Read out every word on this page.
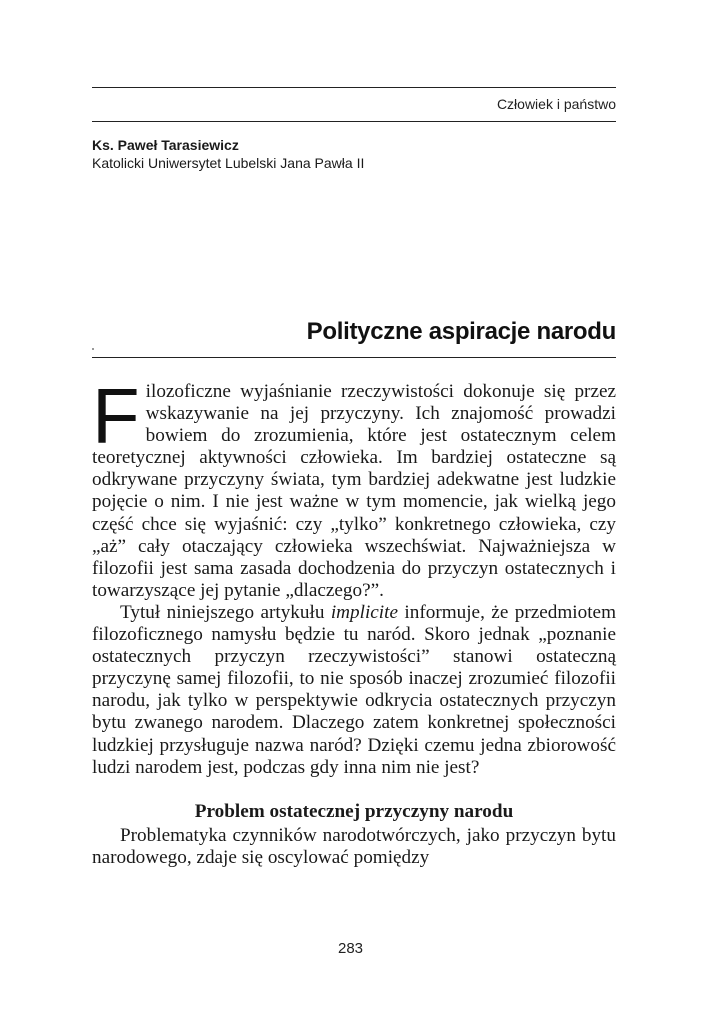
Człowiek i państwo
Ks. Paweł Tarasiewicz
Katolicki Uniwersytet Lubelski Jana Pawła II
Polityczne aspiracje narodu

Filozoficzne wyjaśnianie rzeczywistości dokonuje się przez wskazywanie na jej przyczyny. Ich znajomość prowadzi bowiem do zrozumienia, które jest ostatecznym celem teoretycznej aktywności człowieka. Im bardziej ostateczne są odkrywane przyczyny świata, tym bardziej adekwatne jest ludzkie pojęcie o nim. I nie jest ważne w tym momencie, jak wielką jego część chce się wyjaśnić: czy „tylko” konkretnego człowieka, czy „aż” cały otaczający człowieka wszechświat. Najważniejsza w filozofii jest sama zasada dochodzenia do przyczyn ostatecznych i towarzyszące jej pytanie „dlaczego?”.

Tytuł niniejszego artykułu implicite informuje, że przedmiotem filozoficznego namysłu będzie tu naród. Skoro jednak „poznanie ostatecznych przyczyn rzeczywistości” stanowi ostateczną przyczynę samej filozofii, to nie sposób inaczej zrozumieć filozofii narodu, jak tylko w perspektywie odkrycia ostatecznych przyczyn bytu zwanego narodem. Dlaczego zatem konkretnej społeczności ludzkiej przysługuje nazwa naród? Dzięki czemu jedna zbiorowość ludzi narodem jest, podczas gdy inna nim nie jest?

Problem ostatecznej przyczyny narodu

Problematyka czynników narodotwórczych, jako przyczyn bytu narodowego, zdaje się oscylować pomiędzy

283
